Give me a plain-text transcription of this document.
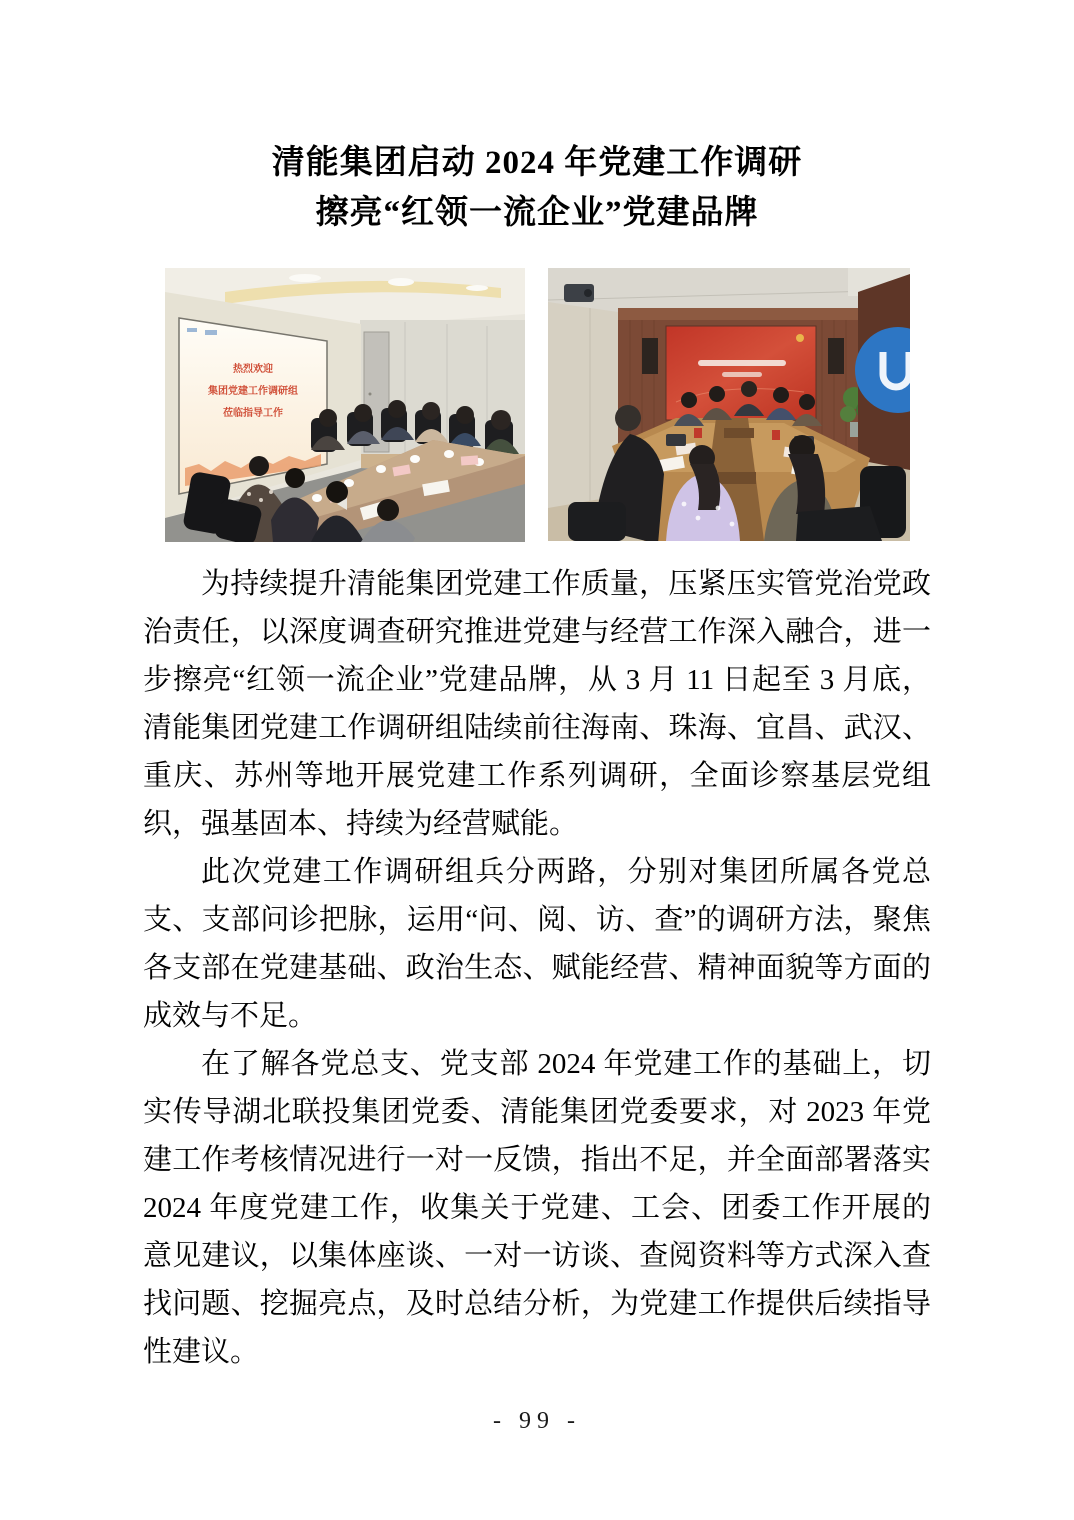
清能集团启动 2024 年党建工作调研
擦亮“红领一流企业”党建品牌
热烈欢迎
集团党建工作调研组
莅临指导工作

为持续提升清能集团党建工作质量，压紧压实管党治党政治责任，以深度调查研究推进党建与经营工作深入融合，进一步擦亮“红领一流企业”党建品牌，从 3 月 11 日起至 3 月底，清能集团党建工作调研组陆续前往海南、珠海、宜昌、武汉、重庆、苏州等地开展党建工作系列调研，全面诊察基层党组织，强基固本、持续为经营赋能。

此次党建工作调研组兵分两路，分别对集团所属各党总支、支部问诊把脉，运用“问、阅、访、查”的调研方法，聚焦各支部在党建基础、政治生态、赋能经营、精神面貌等方面的成效与不足。

在了解各党总支、党支部 2024 年党建工作的基础上，切实传导湖北联投集团党委、清能集团党委要求，对 2023 年党建工作考核情况进行一对一反馈，指出不足，并全面部署落实 2024 年度党建工作，收集关于党建、工会、团委工作开展的意见建议，以集体座谈、一对一访谈、查阅资料等方式深入查找问题、挖掘亮点，及时总结分析，为党建工作提供后续指导性建议。

- 99 -
